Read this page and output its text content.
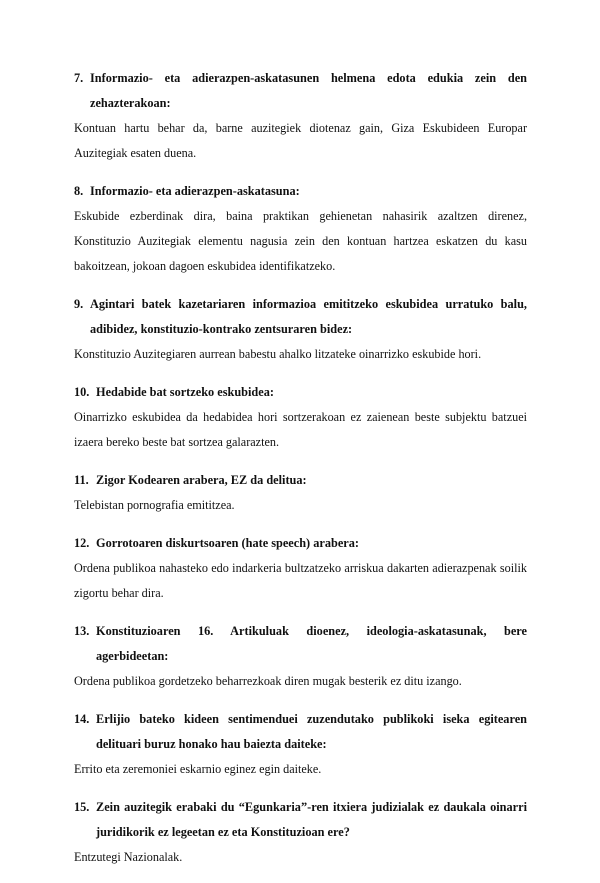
7. Informazio- eta adierazpen-askatasunen helmena edota edukia zein den zehazterakoan:
Kontuan hartu behar da, barne auzitegiek diotenaz gain, Giza Eskubideen Europar Auzitegiak esaten duena.
8. Informazio- eta adierazpen-askatasuna:
Eskubide ezberdinak dira, baina praktikan gehienetan nahasirik azaltzen direnez, Konstituzio Auzitegiak elementu nagusia zein den kontuan hartzea eskatzen du kasu bakoitzean, jokoan dagoen eskubidea identifikatzeko.
9. Agintari batek kazetariaren informazioa emititzeko eskubidea urratuko balu, adibidez, konstituzio-kontrako zentsuraren bidez:
Konstituzio Auzitegiaren aurrean babestu ahalko litzateke oinarrizko eskubide hori.
10. Hedabide bat sortzeko eskubidea:
Oinarrizko eskubidea da hedabidea hori sortzerakoan ez zaienean beste subjektu batzuei izaera bereko beste bat sortzea galarazten.
11. Zigor Kodearen arabera, EZ da delitua:
Telebistan pornografia emititzea.
12. Gorrotoaren diskurtsoaren (hate speech) arabera:
Ordena publikoa nahasteko edo indarkeria bultzatzeko arriskua dakarten adierazpenak soilik zigortu behar dira.
13. Konstituzioaren 16. Artikuluak dioenez, ideologia-askatasunak, bere agerbideetan:
Ordena publikoa gordetzeko beharrezkoak diren mugak besterik ez ditu izango.
14. Erlijio bateko kideen sentimenduei zuzendutako publikoki iseka egitearen delituari buruz honako hau baiezta daiteke:
Errito eta zeremoniei eskarnio eginez egin daiteke.
15. Zein auzitegik erabaki du “Egunkaria”-ren itxiera judizialak ez daukala oinarri juridikorik ez legeetan ez eta Konstituzioan ere?
Entzutegi Nazionalak.
